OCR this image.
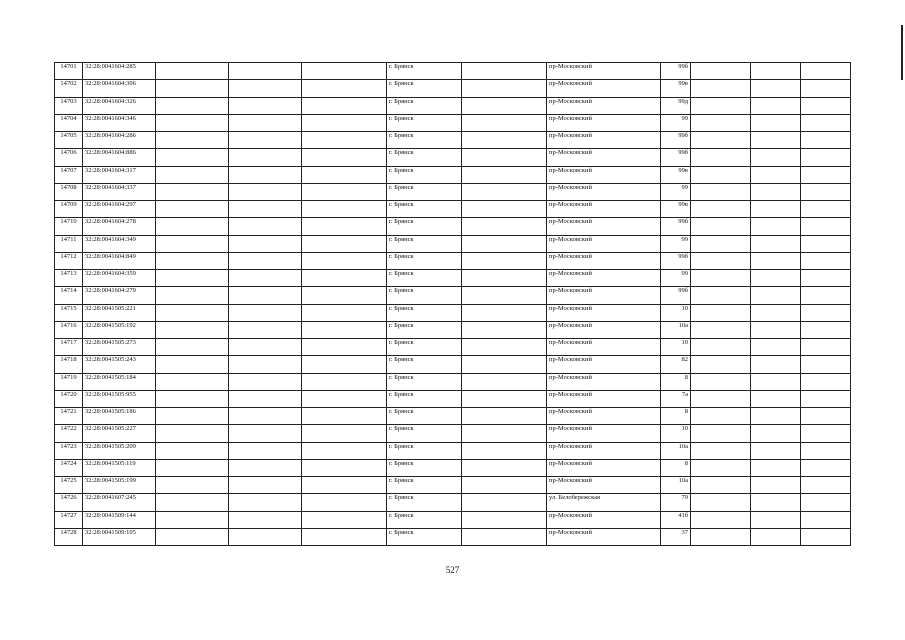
14701	32:28:0041604:285				г. Брянск		пр-Московский	99б			
14702	32:28:0041604:306				г. Брянск		пр-Московский	99в			
14703	32:28:0041604:326				г. Брянск		пр-Московский	99д			
14704	32:28:0041604:346				г. Брянск		пр-Московский	99			
14705	32:28:0041604:286				г. Брянск		пр-Московский	99б			
14706	32:28:0041604:886				г. Брянск		пр-Московский	99б			
14707	32:28:0041604:317				г. Брянск		пр-Московский	99в			
14708	32:28:0041604:337				г. Брянск		пр-Московский	99			
14709	32:28:0041604:297				г. Брянск		пр-Московский	99в			
14710	32:28:0041604:278				г. Брянск		пр-Московский	99б			
14711	32:28:0041604:349				г. Брянск		пр-Московский	99			
14712	32:28:0041604:849				г. Брянск		пр-Московский	99б			
14713	32:28:0041604:359				г. Брянск		пр-Московский	99			
14714	32:28:0041604:279				г. Брянск		пр-Московский	99б			
14715	32:28:0041505:221				г. Брянск		пр-Московский	10			
14716	32:28:0041505:192				г. Брянск		пр-Московский	10а			
14717	32:28:0041505:273				г. Брянск		пр-Московский	10			
14718	32:28:0041505:243				г. Брянск		пр-Московский	82			
14719	32:28:0041505:184				г. Брянск		пр-Московский	8			
14720	32:28:0041505:955				г. Брянск		пр-Московский	7а			
14721	32:28:0041505:186				г. Брянск		пр-Московский	8			
14722	32:28:0041505:227				г. Брянск		пр-Московский	10			
14723	32:28:0041505:209				г. Брянск		пр-Московский	10а			
14724	32:28:0041505:119				г. Брянск		пр-Московский	8			
14725	32:28:0041505:199				г. Брянск		пр-Московский	10а			
14726	32:28:0041607:245				г. Брянск		ул. Белобережская	79			
14727	32:28:0041509:144				г. Брянск		пр-Московский	41б			
14728	32:28:0041509:105				г. Брянск		пр-Московский	37			
527
